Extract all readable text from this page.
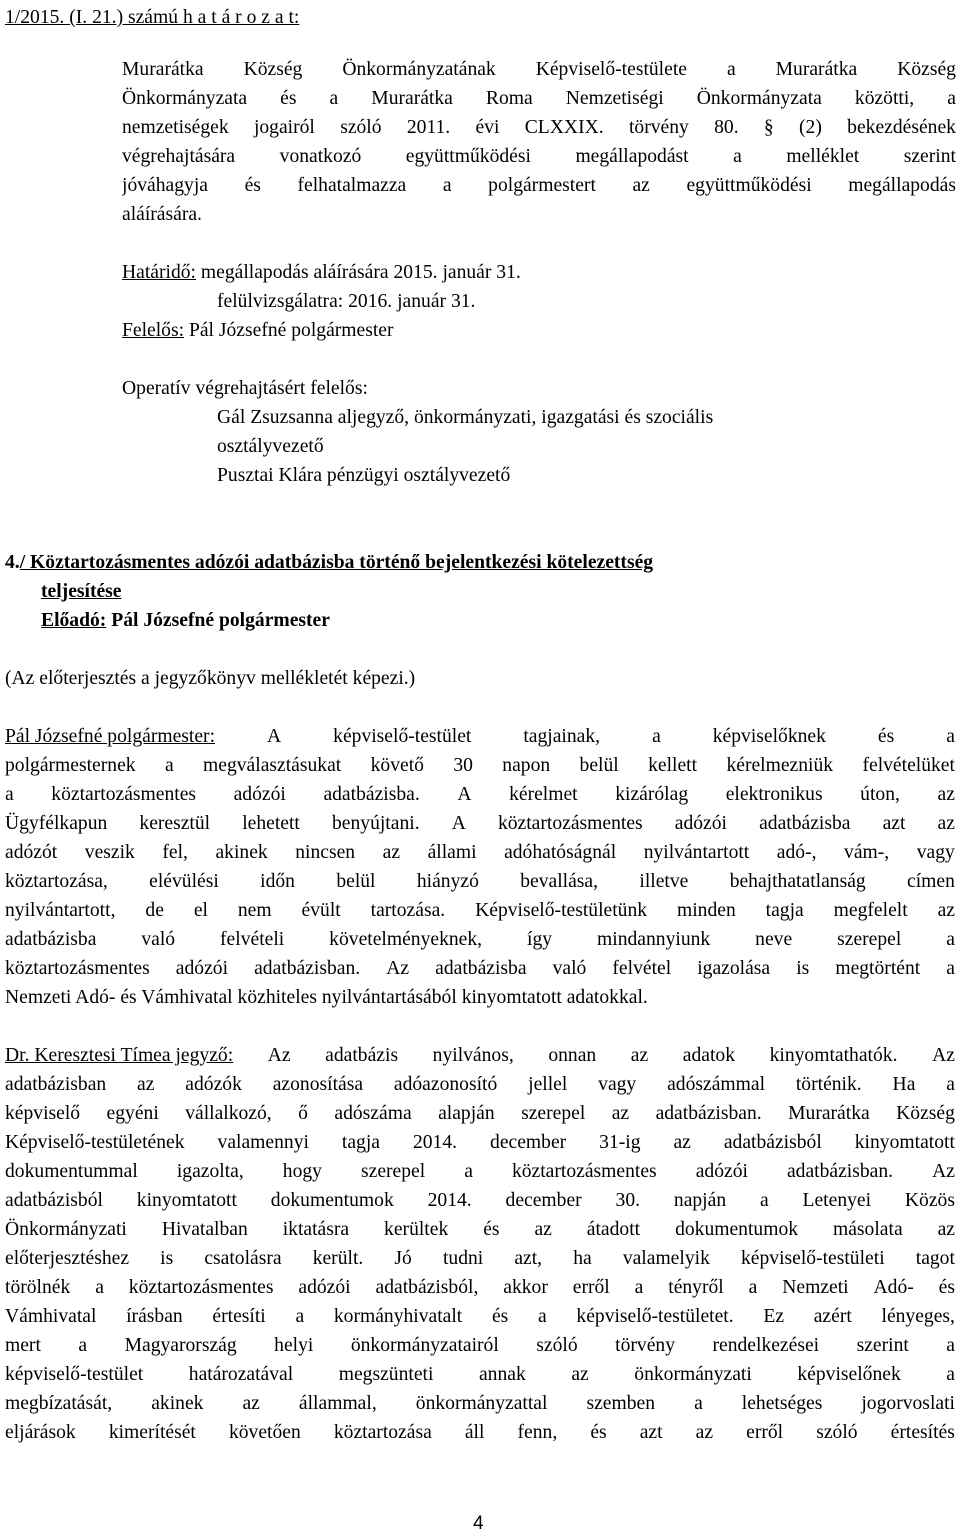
1/2015. (I. 21.) számú h a t á r o z a t:
Murarátka Község Önkormányzatának Képviselő-testülete a Murarátka Község
Önkormányzata és a Murarátka Roma Nemzetiségi Önkormányzata közötti, a
nemzetiségek jogairól szóló 2011. évi CLXXIX. törvény 80. § (2) bekezdésének
végrehajtására vonatkozó együttműködési megállapodást a melléklet szerint
jóváhagyja és felhatalmazza a polgármestert az együttműködési megállapodás
aláírására.
Határidő: megállapodás aláírására 2015. január 31.
felülvizsgálatra: 2016. január 31.
Felelős: Pál Józsefné polgármester
Operatív végrehajtásért felelős:
Gál Zsuzsanna aljegyző, önkormányzati, igazgatási és szociális
osztályvezető
Pusztai Klára pénzügyi osztályvezető
4./ Köztartozásmentes adózói adatbázisba történő bejelentkezési kötelezettség
teljesítése
Előadó: Pál Józsefné polgármester
(Az előterjesztés a jegyzőkönyv mellékletét képezi.)
Pál Józsefné polgármester:	A	képviselő-testület	tagjainak,	a	képviselőknek	és	a
polgármesternek a megválasztásukat követő 30 napon belül kellett kérelmezniük felvételüket
a köztartozásmentes adózói adatbázisba. A kérelmet kizárólag elektronikus úton, az
Ügyfélkapun keresztül lehetett benyújtani. A köztartozásmentes adózói adatbázisba azt az
adózót veszik fel, akinek nincsen az állami adóhatóságnál nyilvántartott adó-, vám-, vagy
köztartozása, elévülési időn belül hiányzó bevallása, illetve behajthatatlanság címen
nyilvántartott, de el nem évült tartozása. Képviselő-testületünk minden tagja megfelelt az
adatbázisba való felvételi követelményeknek, így mindannyiunk neve szerepel a
köztartozásmentes adózói adatbázisban. Az adatbázisba való felvétel igazolása is megtörtént a
Nemzeti Adó- és Vámhivatal közhiteles nyilvántartásából kinyomtatott adatokkal.
Dr. Keresztesi Tímea jegyző: Az adatbázis nyilvános, onnan az adatok kinyomtathatók. Az
adatbázisban az adózók azonosítása adóazonosító jellel vagy adószámmal történik. Ha a
képviselő egyéni vállalkozó, ő adószáma alapján szerepel az adatbázisban. Murarátka Község
Képviselő-testületének valamennyi tagja 2014. december 31-ig az adatbázisból kinyomtatott
dokumentummal igazolta, hogy szerepel a köztartozásmentes adózói adatbázisban. Az
adatbázisból kinyomtatott dokumentumok 2014. december 30. napján a Letenyei Közös
Önkormányzati Hivatalban iktatásra kerültek és az átadott dokumentumok másolata az
előterjesztéshez is csatolásra került. Jó tudni azt, ha valamelyik képviselő-testületi tagot
törölnék a köztartozásmentes adózói adatbázisból, akkor erről a tényről a Nemzeti Adó- és
Vámhivatal írásban értesíti a kormányhivatalt és a képviselő-testületet. Ez azért lényeges,
mert a Magyarország helyi önkormányzatairól szóló törvény rendelkezései szerint a
képviselő-testület határozatával megszünteti annak az önkormányzati képviselőnek a
megbízatását, akinek az állammal, önkormányzattal szemben a lehetséges jogorvoslati
eljárások kimerítését követően köztartozása áll fenn, és azt az erről szóló értesítés
4
